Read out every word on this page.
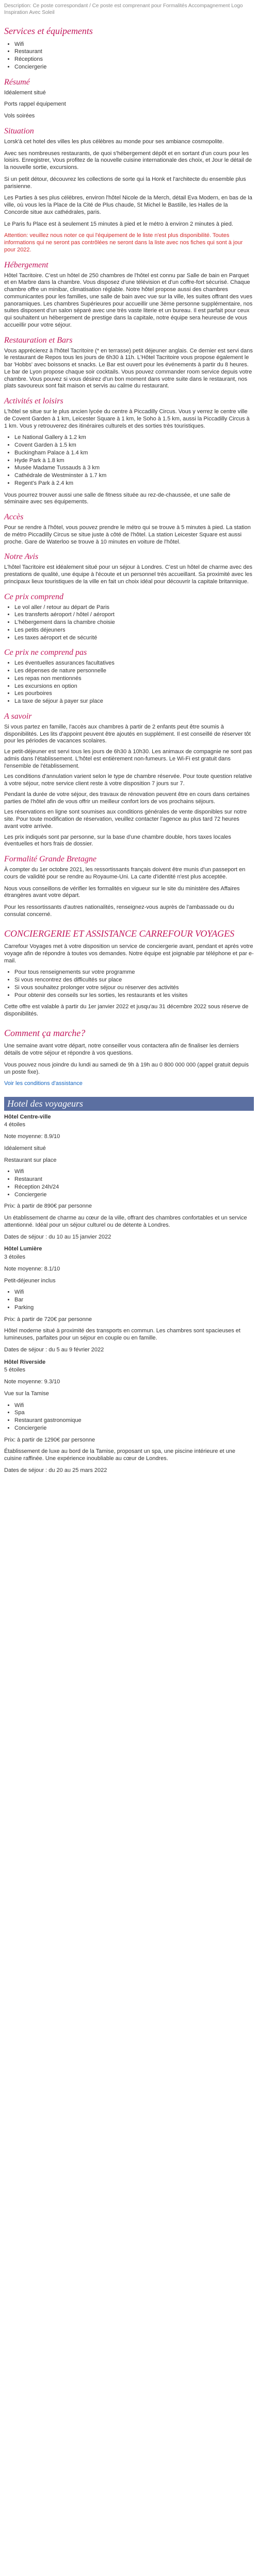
Description: Ce poste correspondant / Ce poste est comprenant pour Formalités Accompagnement Logo Inspiration Avec Soleil

Services et équipements
• Wifi
• Restaurant
• Réceptions
• Conciergerie
Résumé

Idéalement situé

Ports rappel équipement

Vols soirées

Situation

Lorsk'à cet hotel des villes les plus célèbres au monde pour ses ambiance cosmopolite.

Avec ses nombreuses restaurants, de quoi s'hébergement dépôt et en sortant d'un cours pour les loisirs. Enregistrer, Vous profitez de la nouvelle cuisine internationale des choix, et Jour le détail de la nouvelle sortie, excursions.

Si un petit détour, découvrez les collections de sorte qui la Honk et l'architecte du ensemble plus parisienne.

Les Parties à ses plus célèbres, environ l'hôtel Nicole de la Merch, détail Eva Modern, en bas de la ville, où vous les la Place de la Cité de Plus chaude, St Michel le Bastille, les Halles de la Concorde situe aux cathédrales, paris.

Le Paris fu Place est à seulement 15 minutes à pied et le métro à environ 2 minutes à pied.

Attention: veuillez nous noter ce qui l'équipement de le liste n'est plus disponibilité. Toutes informations qui ne seront pas contrôlées ne seront dans la liste avec nos fiches qui sont à jour pour 2022.

Hébergement

Hôtel Tacritoire. C'est un hôtel de 250 chambres de l'hôtel est connu par Salle de bain en Parquet et en Marbre dans la chambre. Vous disposez d'une télévision et d'un coffre-fort sécurisé. Chaque chambre offre un minibar, climatisation réglable. Notre hôtel propose aussi des chambres communicantes pour les familles, une salle de bain avec vue sur la ville, les suites offrant des vues panoramiques. Les chambres Supérieures pour accueillir une 3ème personne supplémentaire, nos suites disposent d'un salon séparé avec une très vaste literie et un bureau. Il est parfait pour ceux qui souhaitent un hébergement de prestige dans la capitale, notre équipe sera heureuse de vous accueillir pour votre séjour.

Restauration et Bars

Vous apprécierez à l'hôtel Tacritoire (* en terrasse) petit déjeuner anglais. Ce dernier est servi dans le restaurant de Repos tous les jours de 6h30 à 11h. L'Hôtel Tacritoire vous propose également le bar 'Hobbs' avec boissons et snacks. Le Bar est ouvert pour les événements à partir du 8 heures. Le bar de Lyon propose chaque soir cocktails. Vous pouvez commander room service depuis votre chambre. Vous pouvez si vous désirez d'un bon moment dans votre suite dans le restaurant, nos plats savoureux sont fait maison et servis au calme du restaurant.

Activités et loisirs

L'hôtel se situe sur le plus ancien lycée du centre à Piccadilly Circus. Vous y verrez le centre ville de Covent Garden à 1 km, Leicester Square à 1 km, le Soho à 1.5 km, aussi la Piccadilly Circus à 1 km. Vous y retrouverez des itinéraires culturels et des sorties très touristiques.

• Le National Gallery à 1.2 km
• Covent Garden à 1.5 km
• Buckingham Palace à 1.4 km
• Hyde Park à 1.8 km
• Musée Madame Tussauds à 3 km
• Cathédrale de Westminster à 1.7 km
• Regent's Park à 2.4 km

Vous pourrez trouver aussi une salle de fitness située au rez-de-chaussée, et une salle de séminaire avec ses équipements.

Accès

Pour se rendre à l'hôtel, vous pouvez prendre le métro qui se trouve à 5 minutes à pied. La station de métro Piccadilly Circus se situe juste à côté de l'hôtel. La station Leicester Square est aussi proche. Gare de Waterloo se trouve à 10 minutes en voiture de l'hôtel.

Notre Avis

L'hôtel Tacritoire est idéalement situé pour un séjour à Londres. C'est un hôtel de charme avec des prestations de qualité, une équipe à l'écoute et un personnel très accueillant. Sa proximité avec les principaux lieux touristiques de la ville en fait un choix idéal pour découvrir la capitale britannique.

Ce prix comprend
• Le vol aller / retour au départ de Paris
• Les transferts aéroport / hôtel / aéroport
• L'hébergement dans la chambre choisie
• Les petits déjeuners
• Les taxes aéroport et de sécurité
Ce prix ne comprend pas
• Les éventuelles assurances facultatives
• Les dépenses de nature personnelle
• Les repas non mentionnés
• Les excursions en option
• Les pourboires
• La taxe de séjour à payer sur place
A savoir

Si vous partez en famille, l'accès aux chambres à partir de 2 enfants peut être soumis à disponibilités. Les lits d'appoint peuvent être ajoutés en supplément. Il est conseillé de réserver tôt pour les périodes de vacances scolaires.

Le petit-déjeuner est servi tous les jours de 6h30 à 10h30. Les animaux de compagnie ne sont pas admis dans l'établissement. L'hôtel est entièrement non-fumeurs. Le Wi-Fi est gratuit dans l'ensemble de l'établissement.

Les conditions d'annulation varient selon le type de chambre réservée. Pour toute question relative à votre séjour, notre service client reste à votre disposition 7 jours sur 7.

Pendant la durée de votre séjour, des travaux de rénovation peuvent être en cours dans certaines parties de l'hôtel afin de vous offrir un meilleur confort lors de vos prochains séjours.

Les réservations en ligne sont soumises aux conditions générales de vente disponibles sur notre site. Pour toute modification de réservation, veuillez contacter l'agence au plus tard 72 heures avant votre arrivée.

Les prix indiqués sont par personne, sur la base d'une chambre double, hors taxes locales éventuelles et hors frais de dossier.

Formalité Grande Bretagne

À compter du 1er octobre 2021, les ressortissants français doivent être munis d'un passeport en cours de validité pour se rendre au Royaume-Uni. La carte d'identité n'est plus acceptée.

Nous vous conseillons de vérifier les formalités en vigueur sur le site du ministère des Affaires étrangères avant votre départ.

Pour les ressortissants d'autres nationalités, renseignez-vous auprès de l'ambassade ou du consulat concerné.

CONCIERGERIE ET ASSISTANCE CARREFOUR VOYAGES

Carrefour Voyages met à votre disposition un service de conciergerie avant, pendant et après votre voyage afin de répondre à toutes vos demandes. Notre équipe est joignable par téléphone et par e-mail.

• Pour tous renseignements sur votre programme
• Si vous rencontrez des difficultés sur place
• Si vous souhaitez prolonger votre séjour ou réserver des activités
• Pour obtenir des conseils sur les sorties, les restaurants et les visites

Cette offre est valable à partir du 1er janvier 2022 et jusqu'au 31 décembre 2022 sous réserve de disponibilités.

Comment ça marche?

Une semaine avant votre départ, notre conseiller vous contactera afin de finaliser les derniers détails de votre séjour et répondre à vos questions.

Vous pouvez nous joindre du lundi au samedi de 9h à 19h au 0 800 000 000 (appel gratuit depuis un poste fixe).

Voir les conditions d'assistance

Hotel des voyageurs
Hôtel Centre-ville

4 étoiles

Note moyenne: 8.9/10

Idéalement situé

Restaurant sur place

• Wifi
• Restaurant
• Réception 24h/24
• Conciergerie

Prix: à partir de 890€ par personne

Un établissement de charme au cœur de la ville, offrant des chambres confortables et un service attentionné. Idéal pour un séjour culturel ou de détente à Londres.

Dates de séjour : du 10 au 15 janvier 2022

Hôtel Lumière

3 étoiles

Note moyenne: 8.1/10

Petit-déjeuner inclus

• Wifi
• Bar
• Parking

Prix: à partir de 720€ par personne

Hôtel moderne situé à proximité des transports en commun. Les chambres sont spacieuses et lumineuses, parfaites pour un séjour en couple ou en famille.

Dates de séjour : du 5 au 9 février 2022

Hôtel Riverside

5 étoiles

Note moyenne: 9.3/10

Vue sur la Tamise

• Wifi
• Spa
• Restaurant gastronomique
• Conciergerie

Prix: à partir de 1290€ par personne

Établissement de luxe au bord de la Tamise, proposant un spa, une piscine intérieure et une cuisine raffinée. Une expérience inoubliable au cœur de Londres.

Dates de séjour : du 20 au 25 mars 2022
